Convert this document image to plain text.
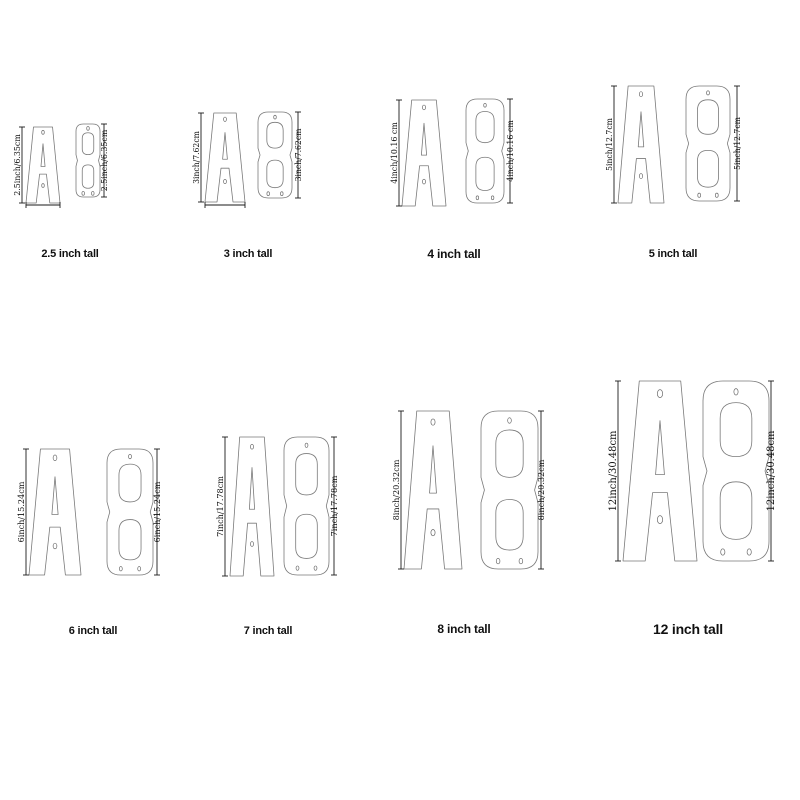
2.5inch/6.35cm	2.5inch/6.35cm	3inch/7.62cm	3inch/7.62cm	4inch/10.16 cm	4inch/10.16 cm	5inch/12.7cm	5inch/12.7cm
6inch/15.24cm	6inch/15.24cm	7inch/17.78cm	7inch/17.78cm	8inch/20.32cm	8inch/20.32cm	12inch/30.48cm	12inch/30.48cm
2.5 inch tall	3 inch tall	4 inch tall	5 inch tall
6 inch tall	7 inch tall	8 inch tall	12 inch tall
